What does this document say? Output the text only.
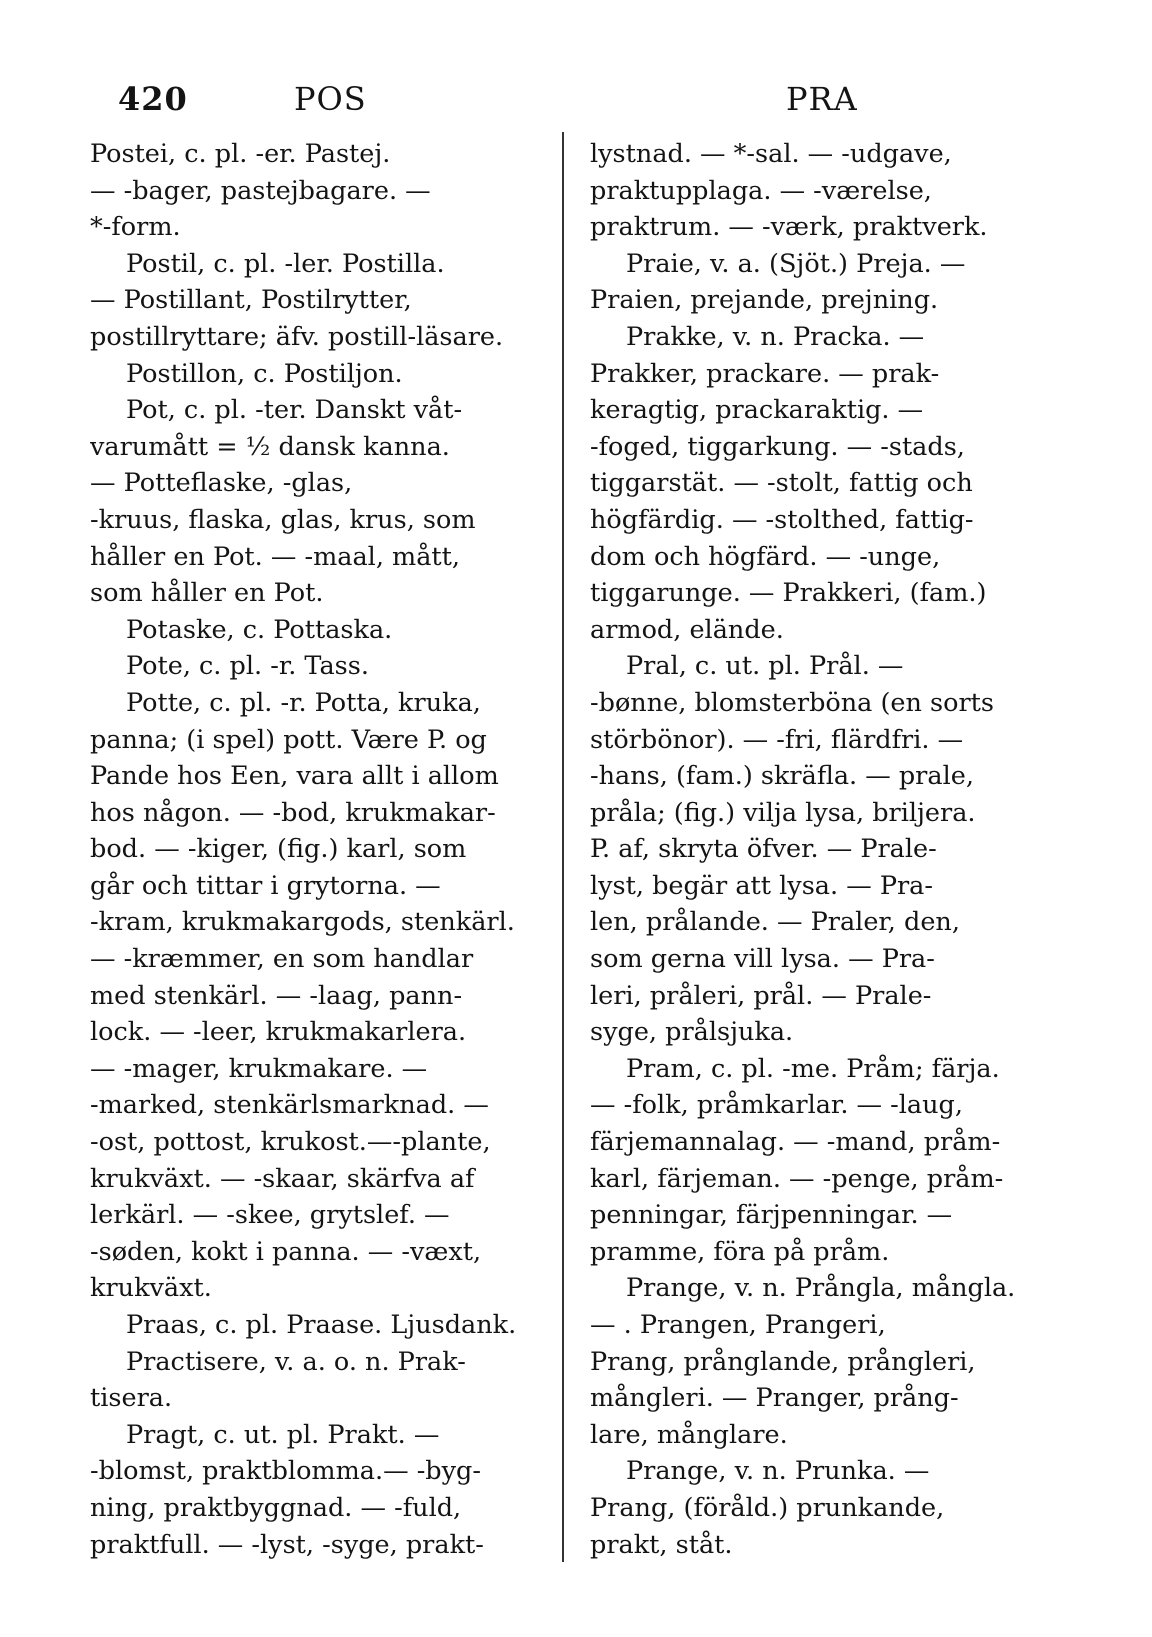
420	POS	PRA
Postei, c. pl. -er. Pastej.
— -bager, pastejbagare. —
*-form.
Postil, c. pl. -ler. Postilla.
— Postillant, Postilrytter,
postillryttare; äfv. postill-läsare.
Postillon, c. Postiljon.
Pot, c. pl. -ter. Danskt våt-
varumått = ½ dansk kanna.
— Potteflaske, -glas,
-kruus, flaska, glas, krus, som
håller en Pot. — -maal, mått,
som håller en Pot.
Potaske, c. Pottaska.
Pote, c. pl. -r. Tass.
Potte, c. pl. -r. Potta, kruka,
panna; (i spel) pott. Være P. og
Pande hos Een, vara allt i allom
hos någon. — -bod, krukmakar-
bod. — -kiger, (fig.) karl, som
går och tittar i grytorna. —
-kram, krukmakargods, stenkärl.
— -kræmmer, en som handlar
med stenkärl. — -laag, pann-
lock. — -leer, krukmakarlera.
— -mager, krukmakare. —
-marked, stenkärlsmarknad. —
-ost, pottost, krukost.—-plante,
krukväxt. — -skaar, skärfva af
lerkärl. — -skee, grytslef. —
-søden, kokt i panna. — -væxt,
krukväxt.
Praas, c. pl. Praase. Ljusdank.
Practisere, v. a. o. n. Prak-
tisera.
Pragt, c. ut. pl. Prakt. —
-blomst, praktblomma.— -byg-
ning, praktbyggnad. — -fuld,
praktfull. — -lyst, -syge, prakt-
lystnad. — *-sal. — -udgave,
praktupplaga. — -værelse,
praktrum. — -værk, praktverk.
Praie, v. a. (Sjöt.) Preja. —
Praien, prejande, prejning.
Prakke, v. n. Pracka. —
Prakker, prackare. — prak-
keragtig, prackaraktig. —
-foged, tiggarkung. — -stads,
tiggarstät. — -stolt, fattig och
högfärdig. — -stolthed, fattig-
dom och högfärd. — -unge,
tiggarunge. — Prakkeri, (fam.)
armod, elände.
Pral, c. ut. pl. Prål. —
-bønne, blomsterböna (en sorts
störbönor). — -fri, flärdfri. —
-hans, (fam.) skräfla. — prale,
pråla; (fig.) vilja lysa, briljera.
P. af, skryta öfver. — Prale-
lyst, begär att lysa. — Pra-
len, prålande. — Praler, den,
som gerna vill lysa. — Pra-
leri, pråleri, prål. — Prale-
syge, prålsjuka.
Pram, c. pl. -me. Pråm; färja.
— -folk, pråmkarlar. — -laug,
färjemannalag. — -mand, pråm-
karl, färjeman. — -penge, pråm-
penningar, färjpenningar. —
pramme, föra på pråm.
Prange, v. n. Prångla, mångla.
— . Prangen, Prangeri,
Prang, prånglande, prångleri,
mångleri. — Pranger, prång-
lare, månglare.
Prange, v. n. Prunka. —
Prang, (föråld.) prunkande,
prakt, ståt.
